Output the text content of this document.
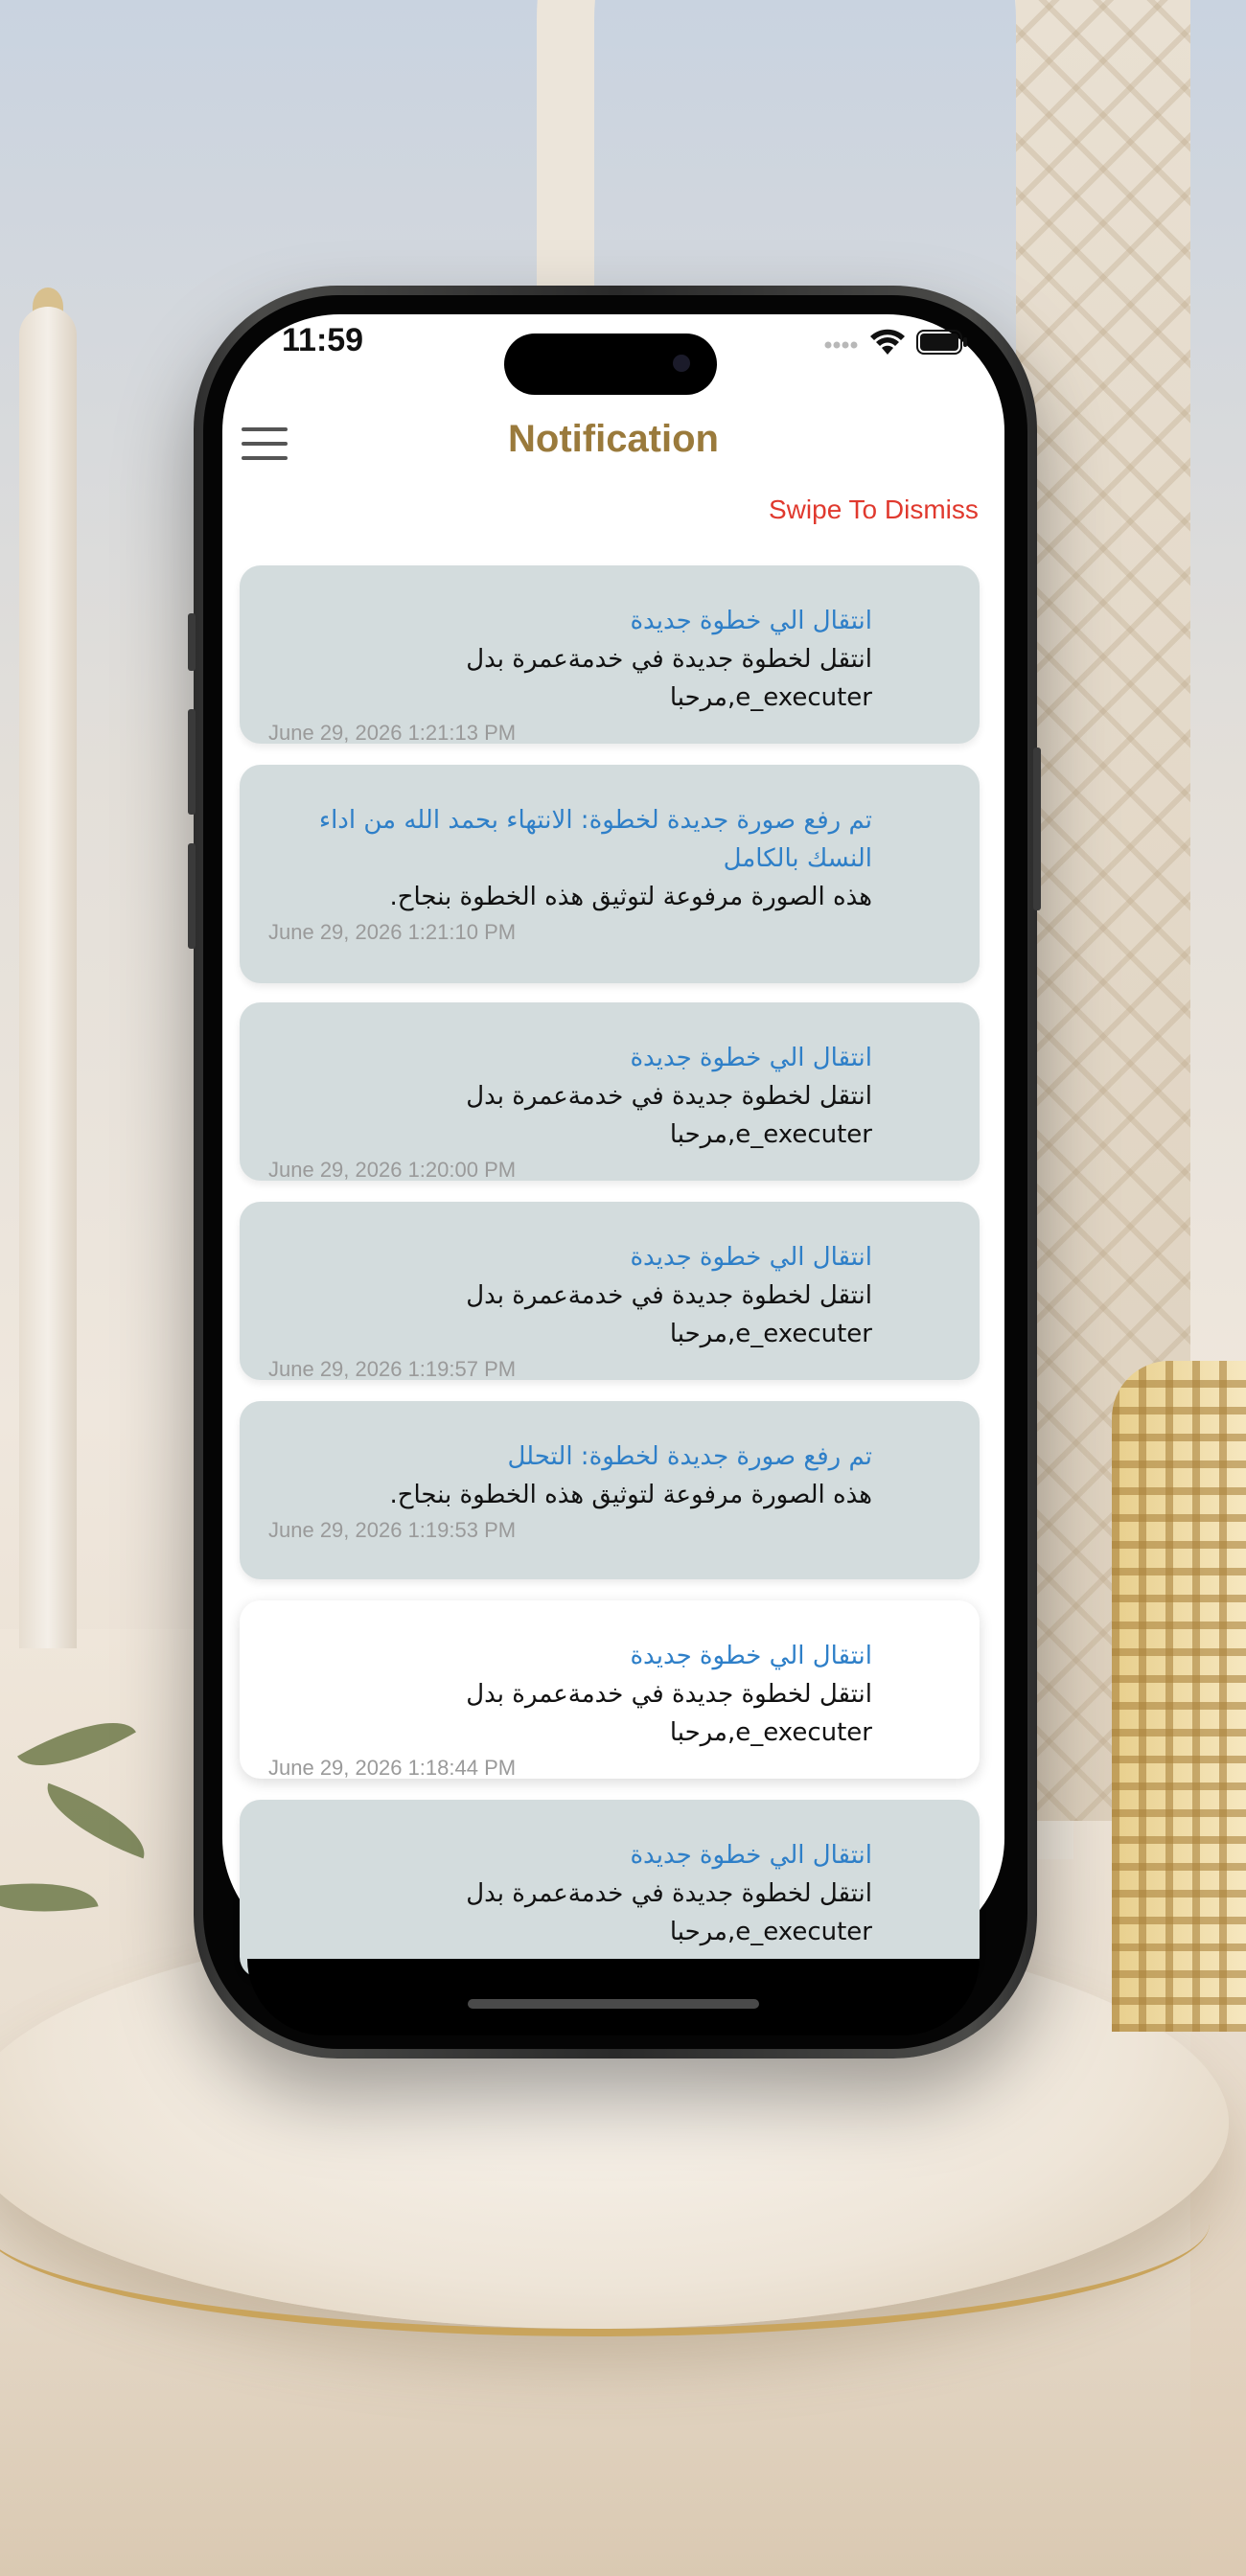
11:59
Notification
Swipe To Dismiss
انتقال الي خطوة جديدة
انتقل لخطوة جديدة في خدمةعمرة بدل e_executer,مرحبا
June 29, 2026 1:21:13 PM
تم رفع صورة جديدة لخطوة: الانتهاء بحمد الله من اداء النسك بالكامل
هذه الصورة مرفوعة لتوثيق هذه الخطوة بنجاح.
June 29, 2026 1:21:10 PM
انتقال الي خطوة جديدة
انتقل لخطوة جديدة في خدمةعمرة بدل e_executer,مرحبا
June 29, 2026 1:20:00 PM
انتقال الي خطوة جديدة
انتقل لخطوة جديدة في خدمةعمرة بدل e_executer,مرحبا
June 29, 2026 1:19:57 PM
تم رفع صورة جديدة لخطوة: التحلل
هذه الصورة مرفوعة لتوثيق هذه الخطوة بنجاح.
June 29, 2026 1:19:53 PM
انتقال الي خطوة جديدة
انتقل لخطوة جديدة في خدمةعمرة بدل e_executer,مرحبا
June 29, 2026 1:18:44 PM
انتقال الي خطوة جديدة
انتقل لخطوة جديدة في خدمةعمرة بدل e_executer,مرحبا
